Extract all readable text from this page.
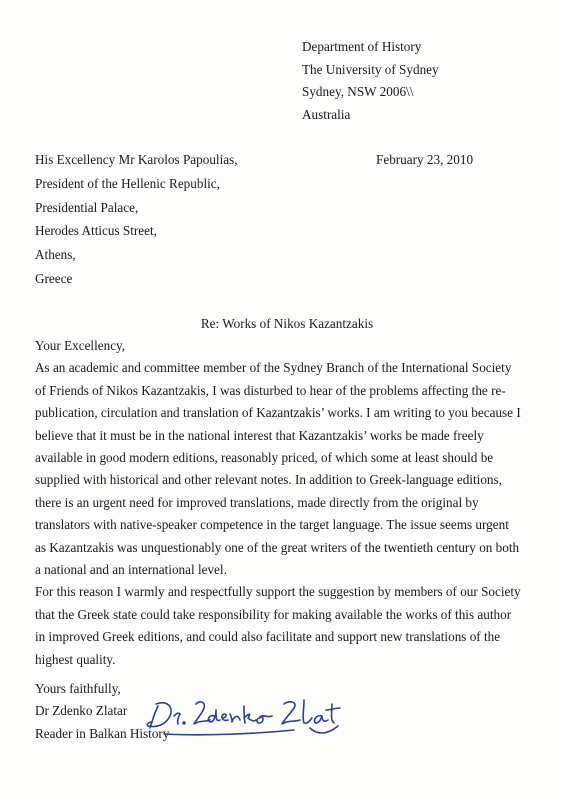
Department of History
The University of Sydney
Sydney, NSW 2006\\
Australia
His Excellency Mr Karolos Papoulias,
President of the Hellenic Republic,
Presidential Palace,
Herodes Atticus Street,
Athens,
Greece
February 23, 2010
Re: Works of Nikos Kazantzakis
Your Excellency,
As an academic and committee member of the Sydney Branch of the International Society
of Friends of Nikos Kazantzakis, I was disturbed to hear of the problems affecting the re-
publication, circulation and translation of Kazantzakis’ works. I am writing to you because I
believe that it must be in the national interest that Kazantzakis’ works be made freely
available in good modern editions, reasonably priced, of which some at least should be
supplied with historical and other relevant notes. In addition to Greek-language editions,
there is an urgent need for improved translations, made directly from the original by
translators with native-speaker competence in the target language. The issue seems urgent
as Kazantzakis was unquestionably one of the great writers of the twentieth century on both
a national and an international level.
For this reason I warmly and respectfully support the suggestion by members of our Society
that the Greek state could take responsibility for making available the works of this author
in improved Greek editions, and could also facilitate and support new translations of the
highest quality.
Yours faithfully,
Dr Zdenko Zlatar
Reader in Balkan History
